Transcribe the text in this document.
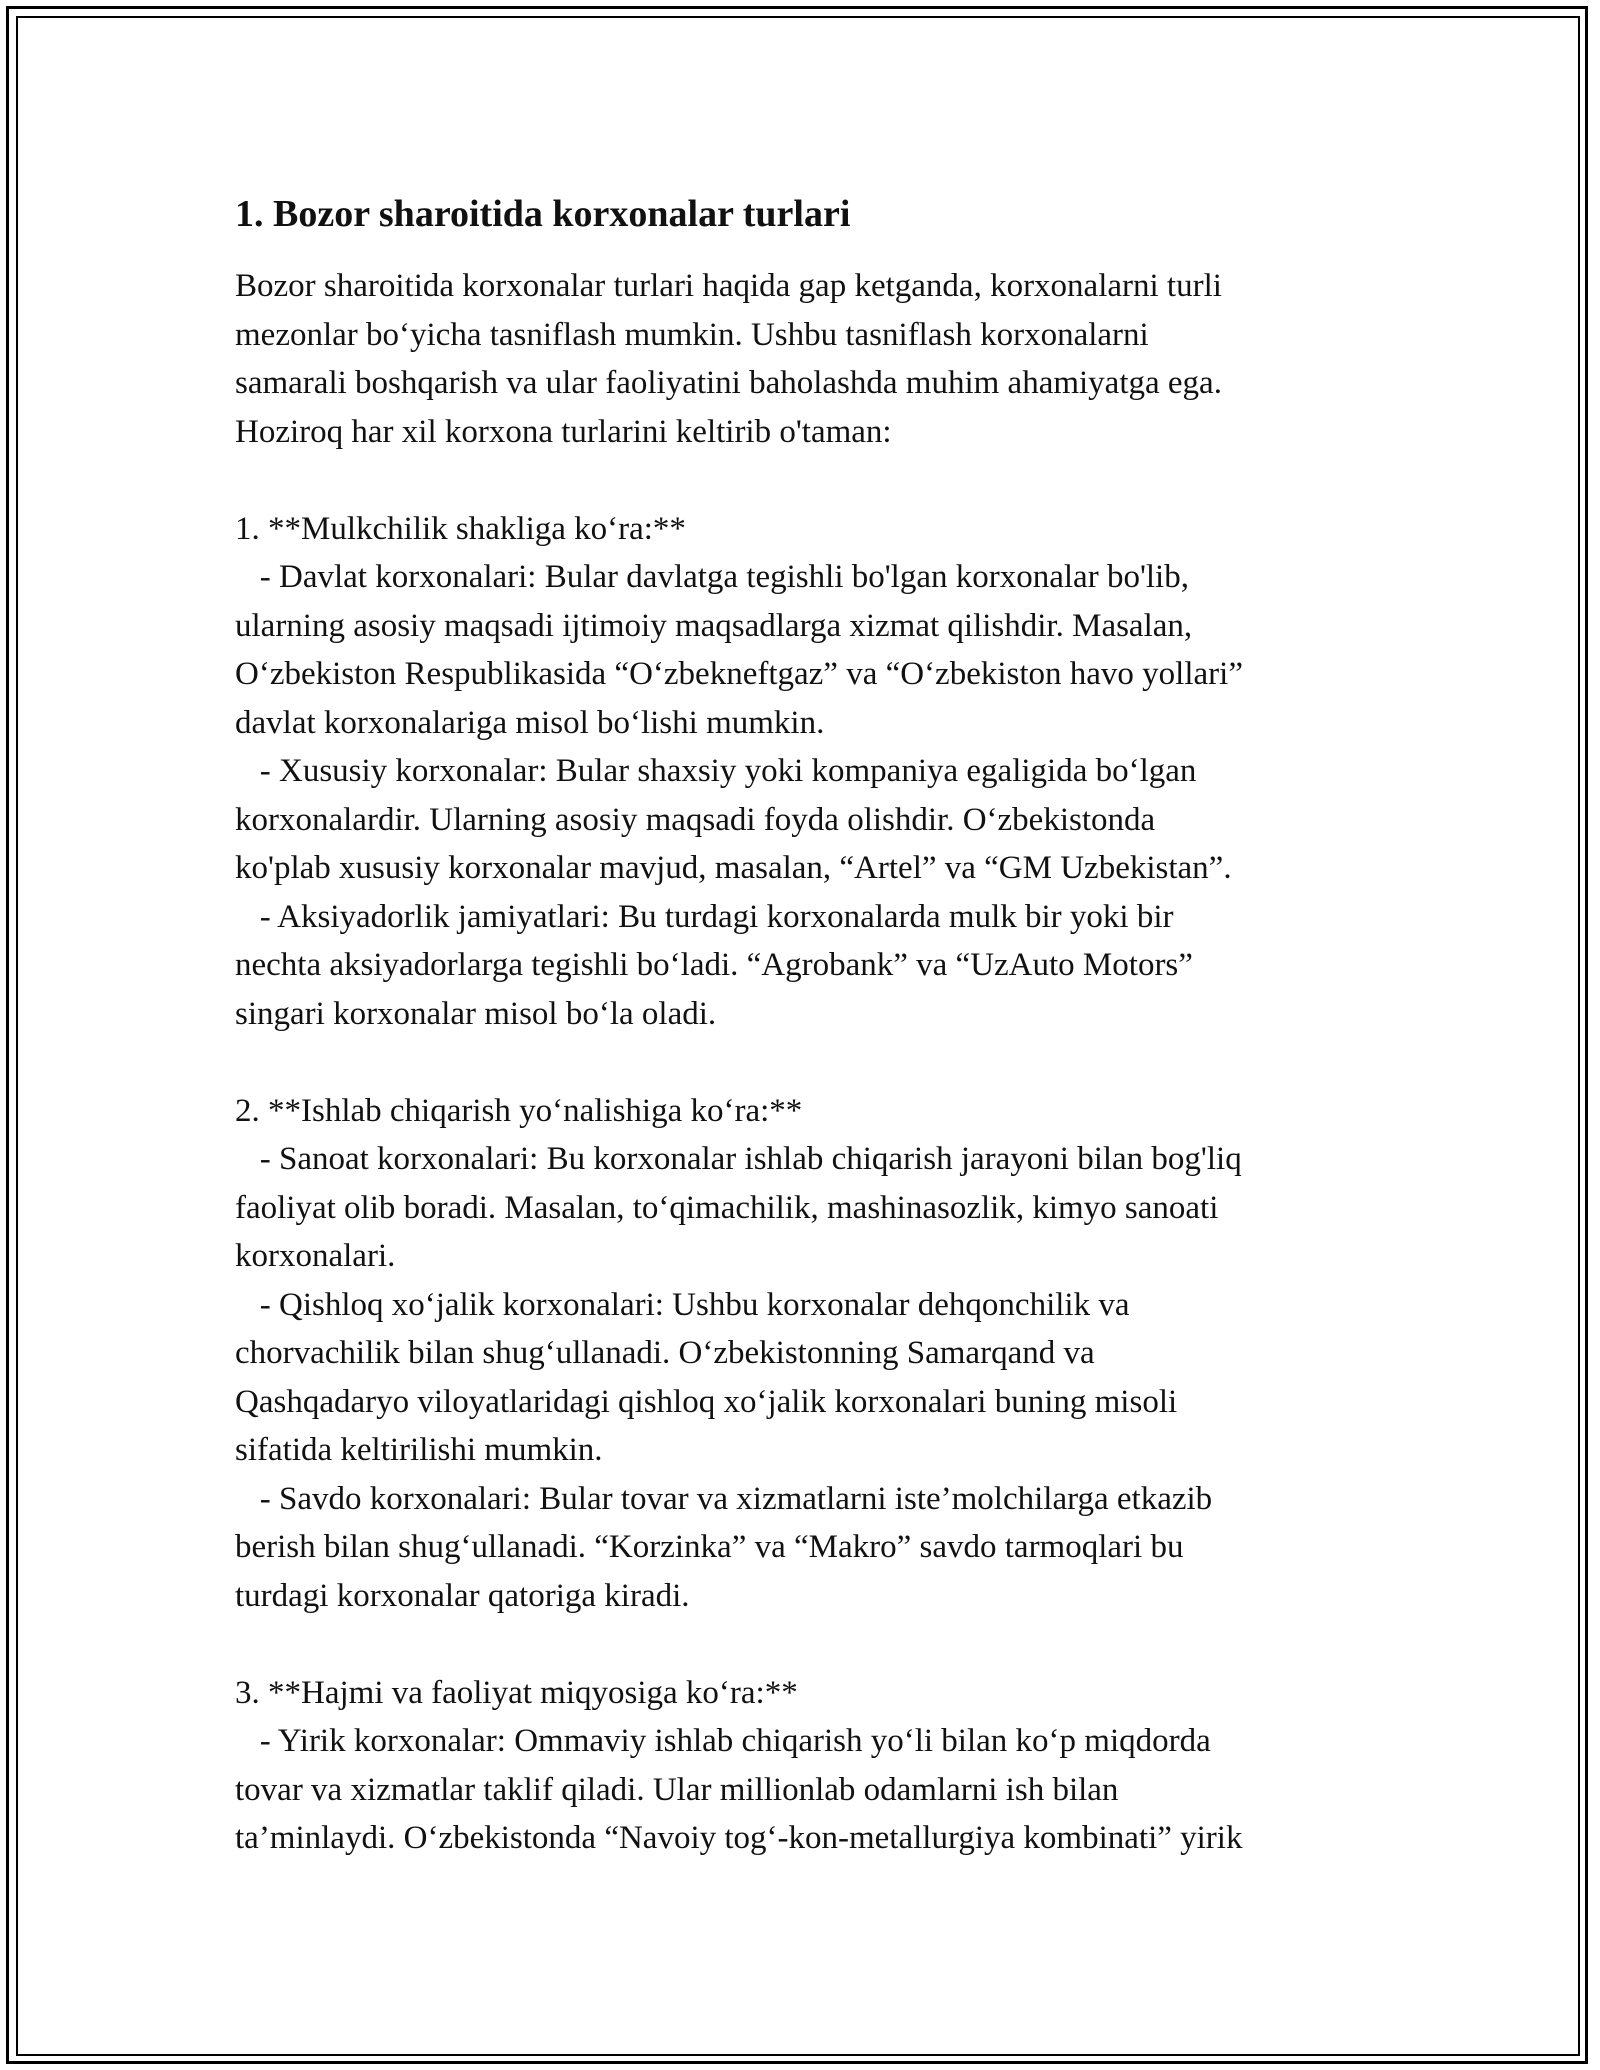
1. Bozor sharoitida korxonalar turlari
Bozor sharoitida korxonalar turlari haqida gap ketganda, korxonalarni turli
mezonlar bo‘yicha tasniflash mumkin. Ushbu tasniflash korxonalarni
samarali boshqarish va ular faoliyatini baholashda muhim ahamiyatga ega.
Hoziroq har xil korxona turlarini keltirib o'taman:
1. **Mulkchilik shakliga ko‘ra:**
- Davlat korxonalari: Bular davlatga tegishli bo'lgan korxonalar bo'lib,
ularning asosiy maqsadi ijtimoiy maqsadlarga xizmat qilishdir. Masalan,
O‘zbekiston Respublikasida “O‘zbekneftgaz” va “O‘zbekiston havo yollari”
davlat korxonalariga misol bo‘lishi mumkin.
- Xususiy korxonalar: Bular shaxsiy yoki kompaniya egaligida bo‘lgan
korxonalardir. Ularning asosiy maqsadi foyda olishdir. O‘zbekistonda
ko'plab xususiy korxonalar mavjud, masalan, “Artel” va “GM Uzbekistan”.
- Aksiyadorlik jamiyatlari: Bu turdagi korxonalarda mulk bir yoki bir
nechta aksiyadorlarga tegishli bo‘ladi. “Agrobank” va “UzAuto Motors”
singari korxonalar misol bo‘la oladi.
2. **Ishlab chiqarish yo‘nalishiga ko‘ra:**
- Sanoat korxonalari: Bu korxonalar ishlab chiqarish jarayoni bilan bog'liq
faoliyat olib boradi. Masalan, to‘qimachilik, mashinasozlik, kimyo sanoati
korxonalari.
- Qishloq xo‘jalik korxonalari: Ushbu korxonalar dehqonchilik va
chorvachilik bilan shug‘ullanadi. O‘zbekistonning Samarqand va
Qashqadaryo viloyatlaridagi qishloq xo‘jalik korxonalari buning misoli
sifatida keltirilishi mumkin.
- Savdo korxonalari: Bular tovar va xizmatlarni iste’molchilarga etkazib
berish bilan shug‘ullanadi. “Korzinka” va “Makro” savdo tarmoqlari bu
turdagi korxonalar qatoriga kiradi.
3. **Hajmi va faoliyat miqyosiga ko‘ra:**
- Yirik korxonalar: Ommaviy ishlab chiqarish yo‘li bilan ko‘p miqdorda
tovar va xizmatlar taklif qiladi. Ular millionlab odamlarni ish bilan
ta’minlaydi. O‘zbekistonda “Navoiy tog‘-kon-metallurgiya kombinati” yirik
